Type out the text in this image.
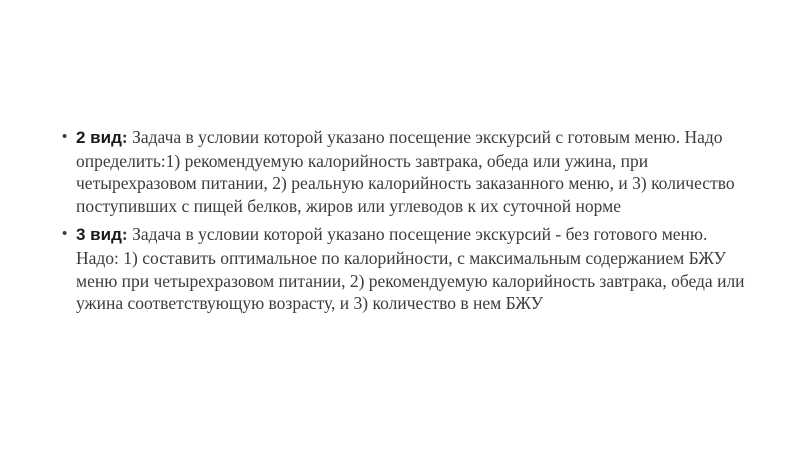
• 2 вид: Задача в условии которой указано посещение экскурсий с готовым меню. Надо определить:1) рекомендуемую калорийность завтрака, обеда или ужина, при четырехразовом питании, 2) реальную калорийность заказанного меню, и 3) количество поступивших с пищей белков, жиров или углеводов к их суточной норме
• 3 вид: Задача в условии которой указано посещение экскурсий - без готового меню. Надо: 1) составить оптимальное по калорийности, с максимальным содержанием БЖУ меню при четырехразовом питании, 2) рекомендуемую калорийность завтрака, обеда или ужина соответствующую возрасту, и 3) количество в нем БЖУ
